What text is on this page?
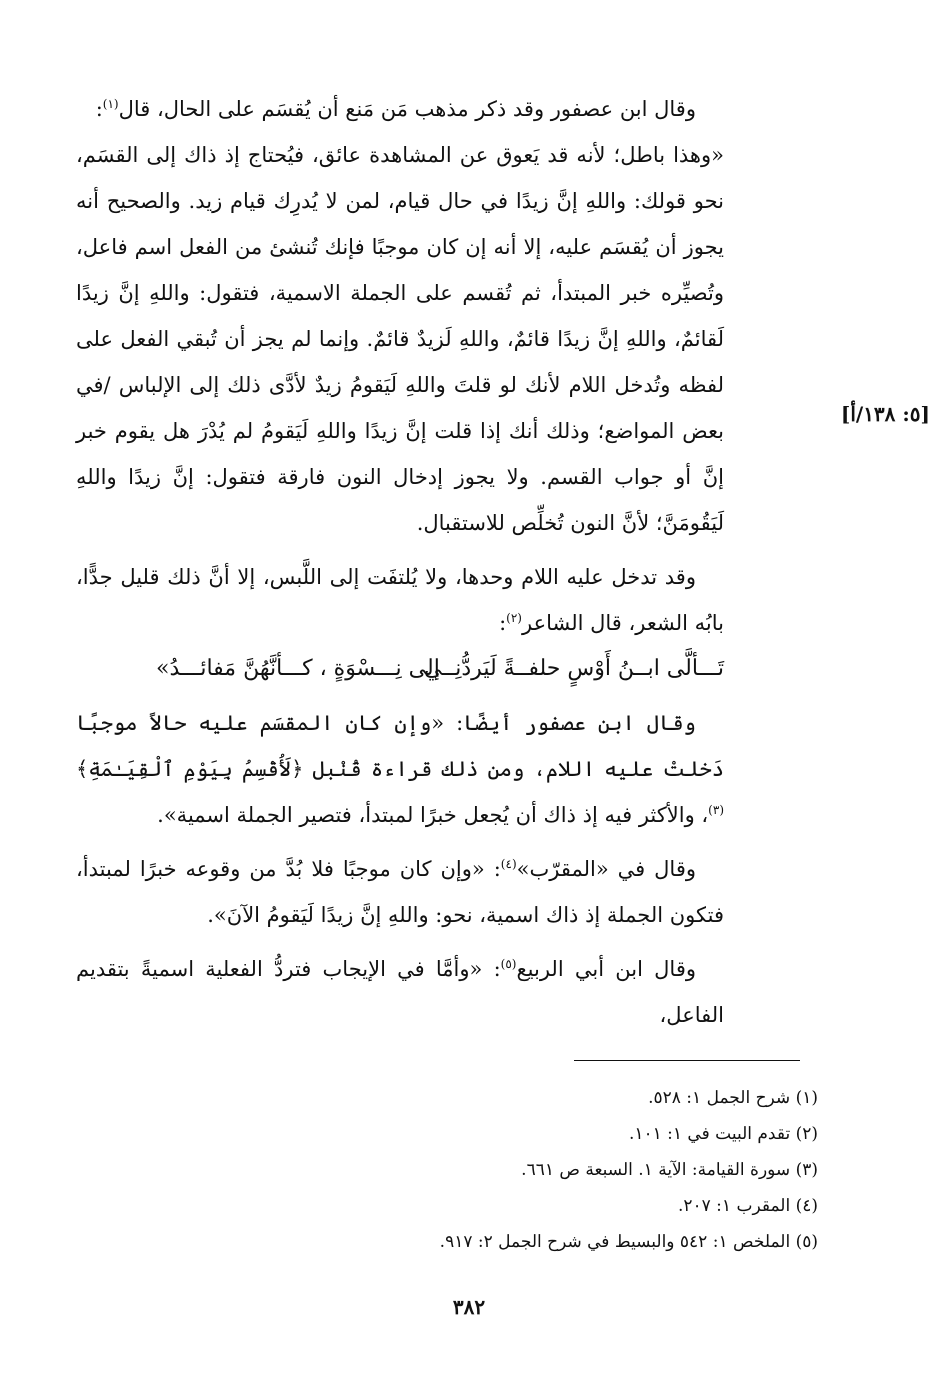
وقال ابن عصفور وقد ذكر مذهب مَن مَنع أن يُقسَم على الحال، قال$^{(١)}$:

«وهذا باطل؛ لأنه قد يَعوق عن المشاهدة عائق، فيُحتاج إذ ذاك إلى القسَم، نحو قولك: واللهِ إنَّ زيدًا في حال قيام، لمن لا يُدرِك قيام زيد. والصحيح أنه يجوز أن يُقسَم عليه، إلا أنه إن كان موجبًا فإنك تُنشئ من الفعل اسم فاعل، وتُصيِّره خبر المبتدأ، ثم تُقسم على الجملة الاسمية، فتقول: واللهِ إنَّ زيدًا لَقائمٌ، واللهِ إنَّ زيدًا قائمٌ، واللهِ لَزيدٌ قائمٌ. وإنما لم يجز أن تُبقي الفعل على لفظه وتُدخل اللام لأنك لو قلتَ واللهِ لَيَقومُ زيدٌ لأدَّى ذلك إلى الإلباس /في بعض المواضع؛ وذلك أنك إذا قلت إنَّ زيدًا واللهِ لَيَقومُ لم يُدْرَ هل يقوم خبر إنَّ أو جواب القسم. ولا يجوز إدخال النون فارقة فتقول: إنَّ زيدًا واللهِ لَيَقُومَنَّ؛ لأنَّ النون تُخلِّص للاستقبال.

وقد تدخل عليه اللام وحدها، ولا يُلتفَت إلى اللَّبس، إلا أنَّ ذلك قليل جدًّا، بابُه الشعر، قال الشاعر$^{(٢)}$:

تَـــألَّى ابــنُ أَوْسٍ حلفــةً لَيَردُّنِــي
إلى نِـــسْوَةٍ ، كـــأنَّهُنَّ مَفائـــدُ»

وقال ابن عصفور أيضًا: «وإن كان المقسَم عليه حالاً موجبًا دَخلتْ عليه اللام، ومن ذلك قراءة قُنْبل ﴿لَأُقْسِمُ بِيَوْمِ ٱلْقِيَـٰمَةِ﴾$^{(٣)}$، والأكثر فيه إذ ذاك أن يُجعل خبرًا لمبتدأ، فتصير الجملة اسمية».

وقال في «المقرّب»$^{(٤)}$: «وإن كان موجبًا فلا بُدَّ من وقوعه خبرًا لمبتدأ، فتكون الجملة إذ ذاك اسمية، نحو: واللهِ إنَّ زيدًا لَيَقومُ الآنَ».

وقال ابن أبي الربيع$^{(٥)}$: «وأمَّا في الإيجاب فتردُّ الفعلية اسميةً بتقديم الفاعل،

[٥: ١٣٨/أ]

(١) شرح الجمل ١: ٥٢٨.

(٢) تقدم البيت في ١: ١٠١.

(٣) سورة القيامة: الآية ١. السبعة ص ٦٦١.

(٤) المقرب ١: ٢٠٧.

(٥) الملخص ١: ٥٤٢ والبسيط في شرح الجمل ٢: ٩١٧.

٣٨٢
